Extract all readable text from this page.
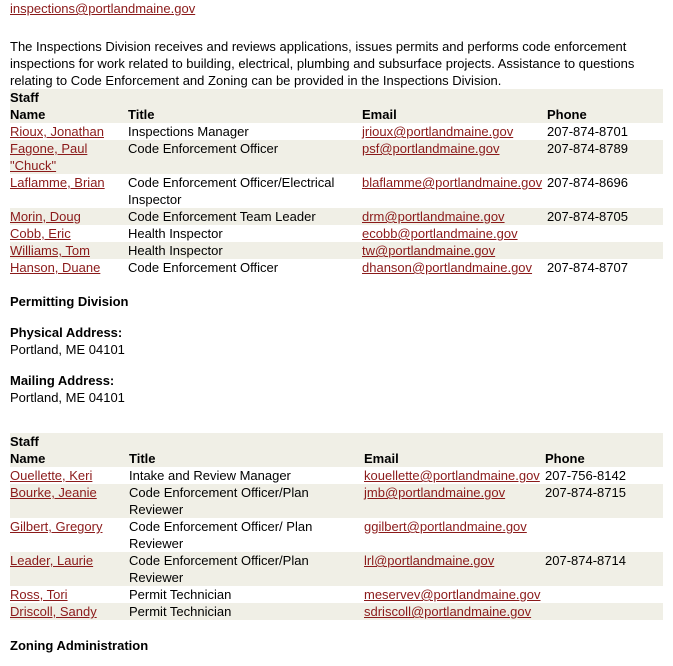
inspections@portlandmaine.gov
The Inspections Division receives and reviews applications, issues permits and performs code enforcement inspections for work related to building, electrical, plumbing and subsurface projects. Assistance to questions relating to Code Enforcement and Zoning can be provided in the Inspections Division.
Staff			
Name	Title	Email	Phone
Rioux, Jonathan	Inspections Manager	jrioux@portlandmaine.gov	207-874-8701
Fagone, Paul "Chuck"	Code Enforcement Officer	psf@portlandmaine.gov	207-874-8789
Laflamme, Brian	Code Enforcement Officer/Electrical Inspector	blaflamme@portlandmaine.gov	207-874-8696
Morin, Doug	Code Enforcement Team Leader	drm@portlandmaine.gov	207-874-8705
Cobb, Eric	Health Inspector	ecobb@portlandmaine.gov	
Williams, Tom	Health Inspector	tw@portlandmaine.gov	
Hanson, Duane	Code Enforcement Officer	dhanson@portlandmaine.gov	207-874-8707
Permitting Division
Physical Address:
Portland, ME 04101
Mailing Address:
Portland, ME 04101
Staff			
Name	Title	Email	Phone
Ouellette, Keri	Intake and Review Manager	kouellette@portlandmaine.gov	207-756-8142
Bourke, Jeanie	Code Enforcement Officer/Plan Reviewer	jmb@portlandmaine.gov	207-874-8715
Gilbert, Gregory	Code Enforcement Officer/ Plan Reviewer	ggilbert@portlandmaine.gov	
Leader, Laurie	Code Enforcement Officer/Plan Reviewer	lrl@portlandmaine.gov	207-874-8714
Ross, Tori	Permit Technician	meservev@portlandmaine.gov	
Driscoll, Sandy	Permit Technician	sdriscoll@portlandmaine.gov	
Zoning Administration
